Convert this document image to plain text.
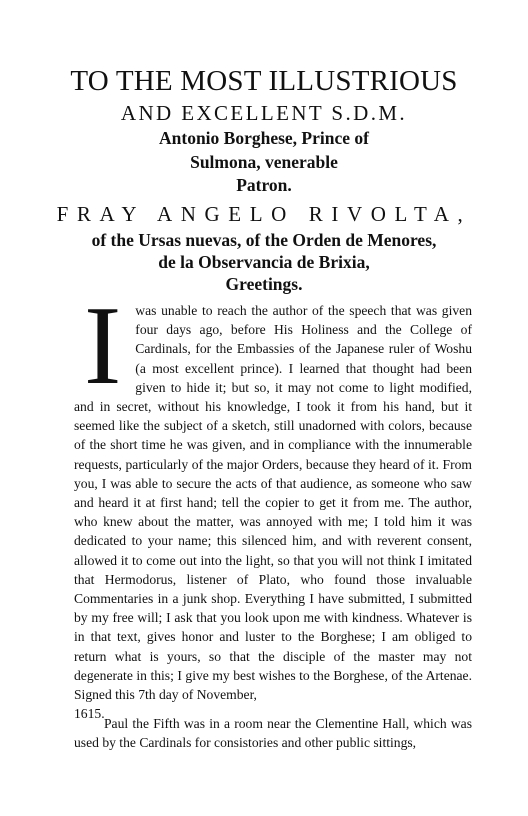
TO THE MOST ILLUSTRIOUS
AND EXCELLENT S.D.M.
Antonio Borghese, Prince of
Sulmona, venerable
Patron.
FRAY ANGELO RIVOLTA,
of the Ursas nuevas, of the Orden de Menores,
de la Observancia de Brixia,
Greetings.
I was unable to reach the author of the speech that was given four days ago, before His Holiness and the College of Cardinals, for the Embassies of the Japanese ruler of Woshu (a most excellent prince). I learned that thought had been given to hide it; but so, it may not come to light modified, and in secret, without his knowledge, I took it from his hand, but it seemed like the subject of a sketch, still unadorned with colors, because of the short time he was given, and in compliance with the innumerable requests, particularly of the major Orders, because they heard of it. From you, I was able to secure the acts of that audience, as someone who saw and heard it at first hand; tell the copier to get it from me. The author, who knew about the matter, was annoyed with me; I told him it was dedicated to your name; this silenced him, and with reverent consent, allowed it to come out into the light, so that you will not think I imitated that Hermodorus, listener of Plato, who found those invaluable Commentaries in a junk shop. Everything I have submitted, I submitted by my free will; I ask that you look upon me with kindness. Whatever is in that text, gives honor and luster to the Borghese; I am obliged to return what is yours, so that the disciple of the master may not degenerate in this; I give my best wishes to the Borghese, of the Artenae. Signed this 7th day of November,
1615.
Paul the Fifth was in a room near the Clementine Hall, which was used by the Cardinals for consistories and other public sittings,
